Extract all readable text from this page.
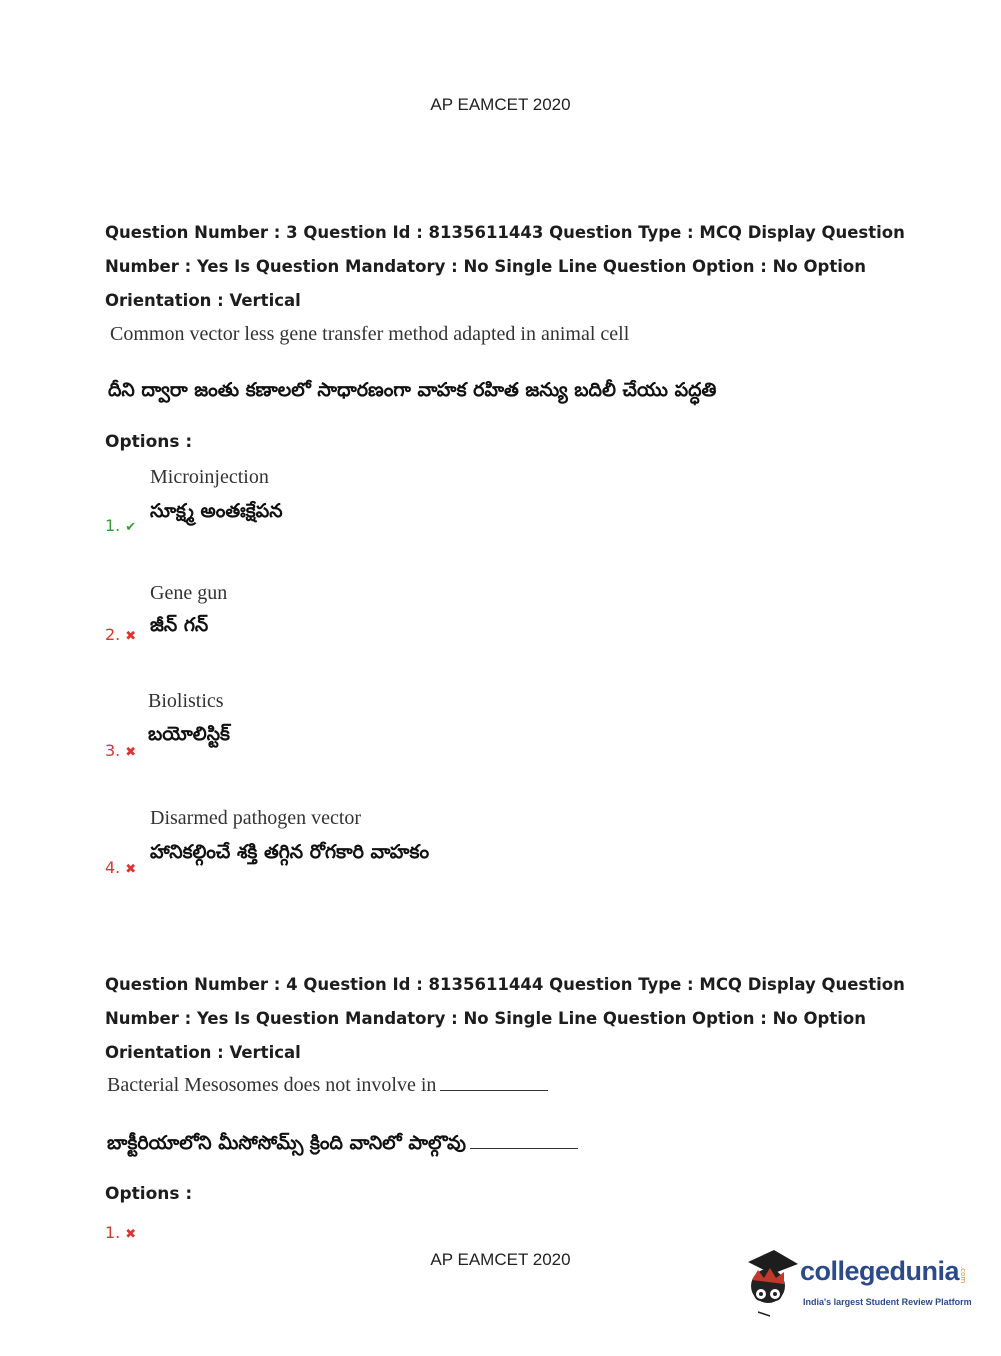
AP EAMCET 2020
Question Number : 3 Question Id : 8135611443 Question Type : MCQ Display Question
Number : Yes Is Question Mandatory : No Single Line Question Option : No Option
Orientation : Vertical
Common vector less gene transfer method adapted in animal cell
దీని ద్వారా జంతు కణాలలో సాధారణంగా వాహక రహిత జన్యు బదిలీ చేయు పద్ధతి
Options :
Microinjection
సూక్ష్మ అంతఃక్షేపన
1. ✔
Gene gun
జీన్ గన్
2. ✖
Biolistics
బయోలిస్టిక్
3. ✖
Disarmed pathogen vector
హానికల్గించే శక్తి తగ్గిన రోగకారి వాహకం
4. ✖
Question Number : 4 Question Id : 8135611444 Question Type : MCQ Display Question
Number : Yes Is Question Mandatory : No Single Line Question Option : No Option
Orientation : Vertical
Bacterial Mesosomes does not involve in
బాక్టీరియాలోని మీసోసోమ్స్ క్రింది వానిలో పాల్గొవు
Options :
1. ✖
AP EAMCET 2020	collegedunia .com
India's largest Student Review Platform
